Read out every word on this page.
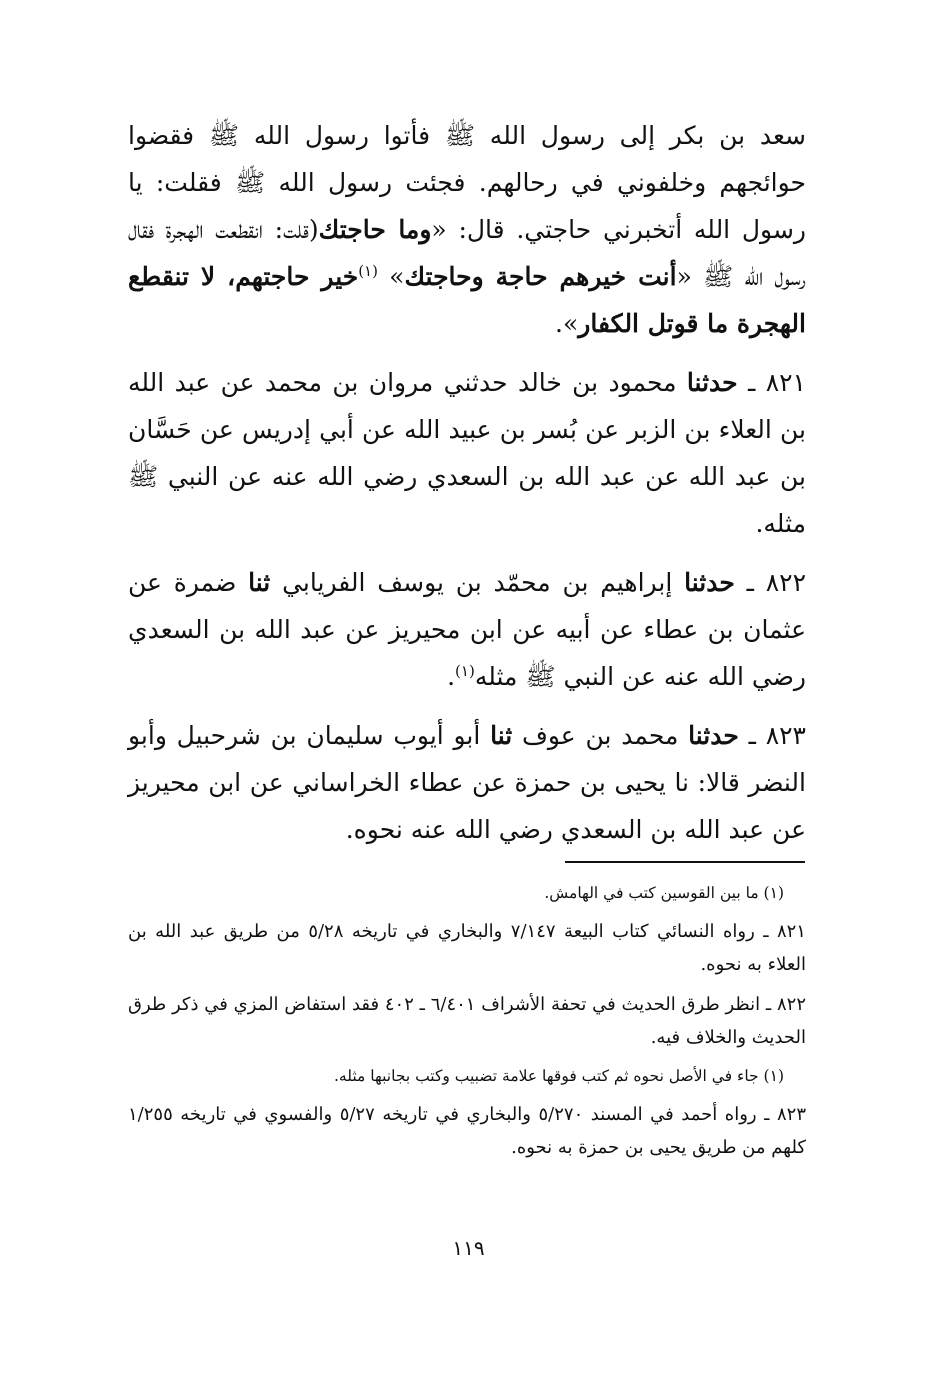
سعد بن بكر إلى رسول الله ﷺ فأتوا رسول الله ﷺ فقضوا حوائجهم وخلفوني في رحالهم. فجئت رسول الله ﷺ فقلت: يا رسول الله أتخبرني حاجتي. قال: «وما حاجتك(قلت: انقطعت الهجرة فقال رسول الله ﷺ «أنت خيرهم حاجة وحاجتك» $^{(١)}$خير حاجتهم، لا تنقطع الهجرة ما قوتل الكفار».

٨٢١ ـ حدثنا محمود بن خالد حدثني مروان بن محمد عن عبد الله بن العلاء بن الزبر عن بُسر بن عبيد الله عن أبي إدريس عن حَسَّان بن عبد الله عن عبد الله بن السعدي رضي الله عنه عن النبي ﷺ مثله.

٨٢٢ ـ حدثنا إبراهيم بن محمّد بن يوسف الفريابي ثنا ضمرة عن عثمان بن عطاء عن أبيه عن ابن محيريز عن عبد الله بن السعدي رضي الله عنه عن النبي ﷺ مثله$^{(١)}$.

٨٢٣ ـ حدثنا محمد بن عوف ثنا أبو أيوب سليمان بن شرحبيل وأبو النضر قالا: نا يحيى بن حمزة عن عطاء الخراساني عن ابن محيريز عن عبد الله بن السعدي رضي الله عنه نحوه.

(١) ما بين القوسين كتب في الهامش.

٨٢١ ـ رواه النسائي كتاب البيعة ٧/١٤٧ والبخاري في تاريخه ٥/٢٨ من طريق عبد الله بن العلاء به نحوه.

٨٢٢ ـ انظر طرق الحديث في تحفة الأشراف ٦/٤٠١ ـ ٤٠٢ فقد استفاض المزي في ذكر طرق الحديث والخلاف فيه.

(١) جاء في الأصل نحوه ثم كتب فوقها علامة تضبيب وكتب بجانبها مثله.

٨٢٣ ـ رواه أحمد في المسند ٥/٢٧٠ والبخاري في تاريخه ٥/٢٧ والفسوي في تاريخه ١/٢٥٥ كلهم من طريق يحيى بن حمزة به نحوه.

١١٩
